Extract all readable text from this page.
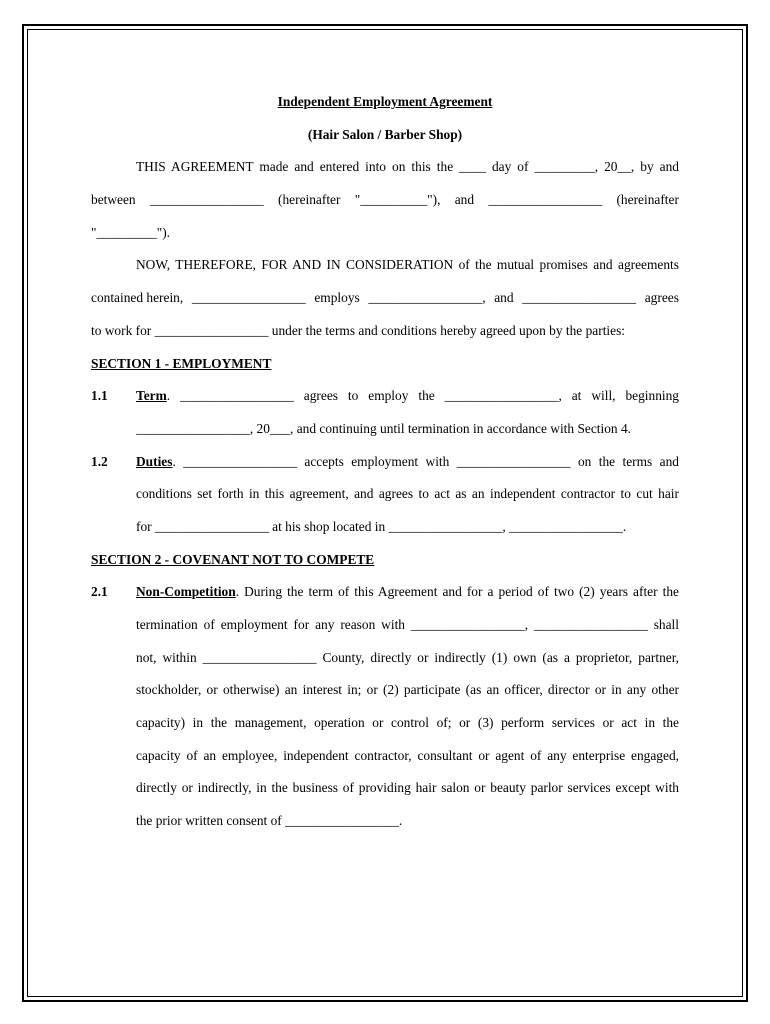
Independent Employment Agreement
(Hair Salon / Barber Shop)
THIS AGREEMENT made and entered into on this the ____ day of _________, 20__, by and
between _________________ (hereinafter "__________"), and _________________ (hereinafter
"_________").
NOW, THEREFORE, FOR AND IN CONSIDERATION of the mutual promises and agreements
contained herein, _________________ employs _________________, and _________________ agrees
to work for _________________ under the terms and conditions hereby agreed upon by the parties:
SECTION 1 - EMPLOYMENT
1.1 Term. _________________ agrees to employ the _________________, at will, beginning
_________________, 20___, and continuing until termination in accordance with Section 4.
1.2 Duties. _________________ accepts employment with _________________ on the terms and
conditions set forth in this agreement, and agrees to act as an independent contractor to cut hair
for _________________ at his shop located in _________________, _________________.
SECTION 2 - COVENANT NOT TO COMPETE
2.1 Non-Competition. During the term of this Agreement and for a period of two (2) years after the
termination of employment for any reason with _________________, _________________ shall
not, within _________________ County, directly or indirectly (1) own (as a proprietor, partner,
stockholder, or otherwise) an interest in; or (2) participate (as an officer, director or in any other
capacity) in the management, operation or control of; or (3) perform services or act in the
capacity of an employee, independent contractor, consultant or agent of any enterprise engaged,
directly or indirectly, in the business of providing hair salon or beauty parlor services except with
the prior written consent of _________________.
